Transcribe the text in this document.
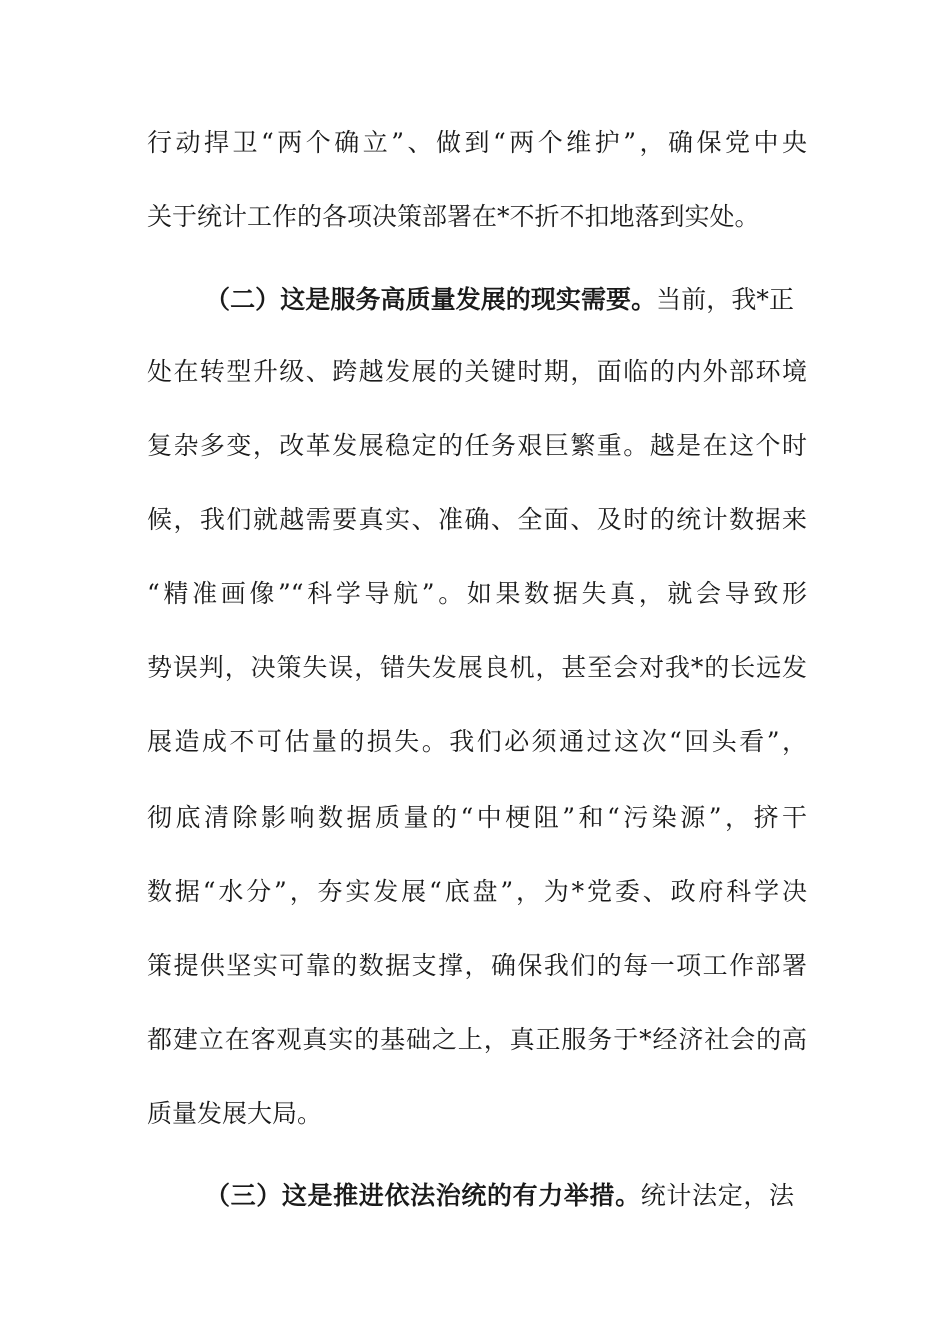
行动捍卫“两个确立”、做到“两个维护”，确保党中央
关于统计工作的各项决策部署在*不折不扣地落到实处。
（二）这是服务高质量发展的现实需要。当前，我*正
处在转型升级、跨越发展的关键时期，面临的内外部环境
复杂多变，改革发展稳定的任务艰巨繁重。越是在这个时
候，我们就越需要真实、准确、全面、及时的统计数据来
“精准画像”“科学导航”。如果数据失真，就会导致形
势误判，决策失误，错失发展良机，甚至会对我*的长远发
展造成不可估量的损失。我们必须通过这次“回头看”，
彻底清除影响数据质量的“中梗阻”和“污染源”，挤干
数据“水分”，夯实发展“底盘”，为*党委、政府科学决
策提供坚实可靠的数据支撑，确保我们的每一项工作部署
都建立在客观真实的基础之上，真正服务于*经济社会的高
质量发展大局。
（三）这是推进依法治统的有力举措。统计法定，法
